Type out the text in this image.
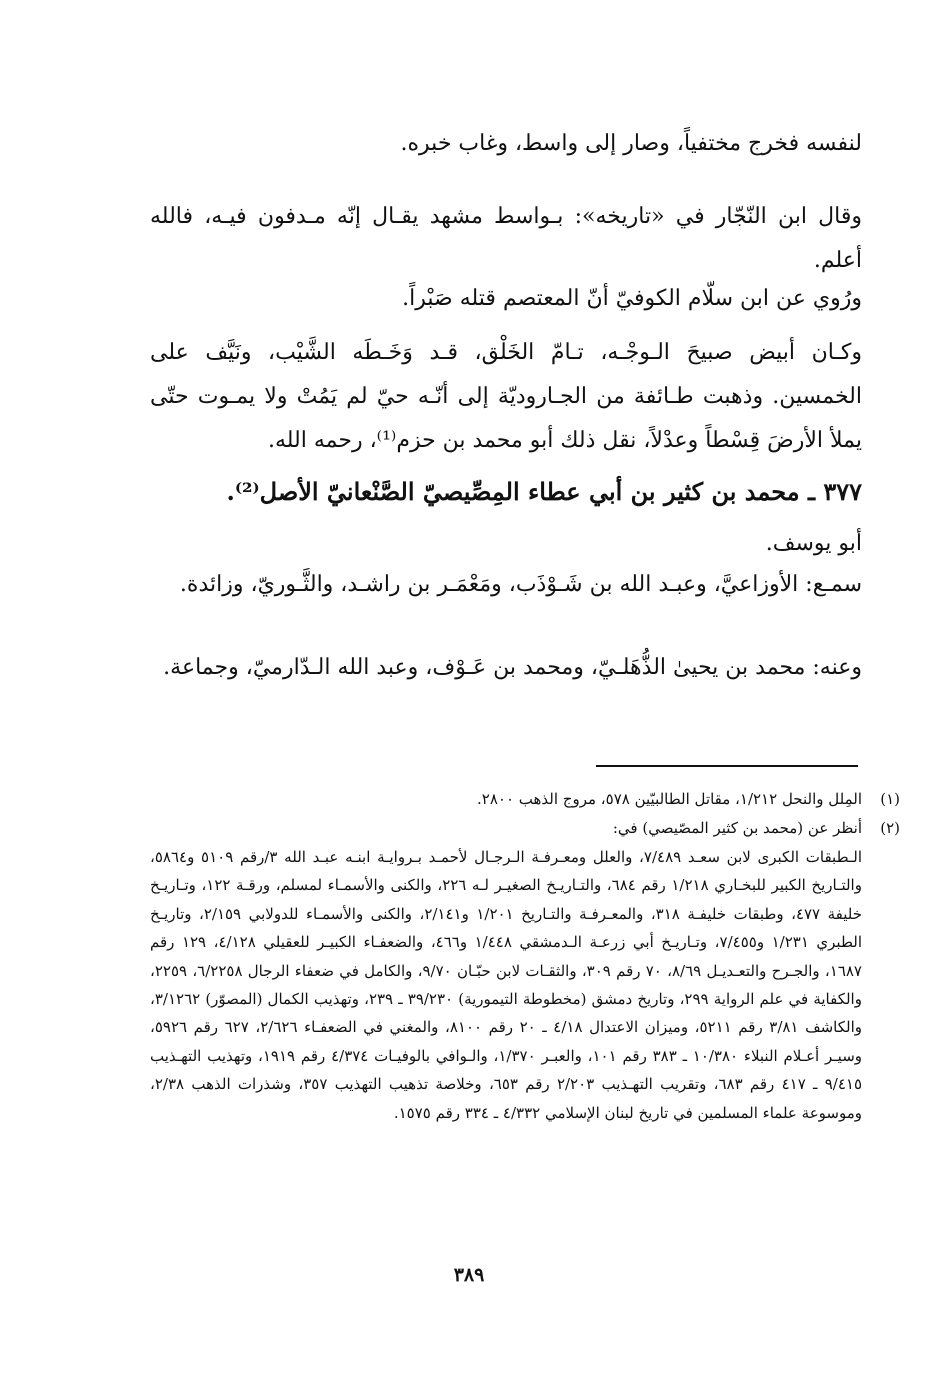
لنفسه فخرج مختفياً، وصار إلى واسط، وغاب خبره.
وقال ابن النّجّار في «تاريخه»: بـواسط مشهد يقـال إنّه مـدفون فيـه، فالله أعلم.
ورُوي عن ابن سلّام الكوفيّ أنّ المعتصم قتله صَبْراً.
وكـان أبيض صبيحَ الـوجْـه، تـامّ الخَلْق، قـد وَخَـطَه الشَّيْب، ونَيَّف على الخمسين. وذهبت طـائفة من الجـاروديّة إلى أنّـه حيّ لم يَمُتْ ولا يمـوت حتّى يملأ الأرضَ قِسْطاً وعدْلاً، نقل ذلك أبو محمد بن حزم⁽¹⁾، رحمه الله.
٣٧٧ ـ محمد بن كثير بن أبي عطاء المِصِّيصيّ الصَّنْعانيّ الأصل⁽²⁾.
أبو يوسف.
سمـع: الأوزاعيَّ، وعبـد الله بن شَـوْذَب، ومَعْمَـر بن راشـد، والثَّـوريّ، وزائدة.
وعنه: محمد بن يحيىٰ الذُّهَلـيّ، ومحمد بن عَـوْف، وعبد الله الـدّارميّ، وجماعة.
(١)المِلل والنحل ١/٢١٢، مقاتل الطالبيّين ٥٧٨، مروج الذهب ٢٨٠٠.
(٢)أنظر عن (محمد بن كثير المصّيصي) في:
الـطبقات الكبرى لابن سعـد ٧/٤٨٩، والعلل ومعـرفـة الـرجـال لأحمـد بـروايـة ابنـه عبـد الله ٣/رقم ٥١٠٩ و٥٨٦٤، والتـاريخ الكبير للبخـاري ١/٢١٨ رقم ٦٨٤، والتـاريـخ الصغيـر لـه ٢٢٦، والكنى والأسمـاء لمسلم، ورقـة ١٢٢، وتـاريـخ خليفة ٤٧٧، وطبقات خليفـة ٣١٨، والمعـرفـة والتـاريخ ١/٢٠١ و٢/١٤١، والكنى والأسمـاء للدولابي ٢/١٥٩، وتاريـخ الطبري ١/٢٣١ و٧/٤٥٥، وتـاريـخ أبي زرعـة الـدمشقي ١/٤٤٨ و٤٦٦، والضعفـاء الكبيـر للعقيلي ٤/١٢٨، ١٢٩ رقم ١٦٨٧، والجـرح والتعـديـل ٨/٦٩، ٧٠ رقم ٣٠٩، والثقـات لابن حبّـان ٩/٧٠، والكامل في ضعفاء الرجال ٦/٢٢٥٨، ٢٢٥٩، والكفاية في علم الرواية ٢٩٩، وتاريخ دمشق (مخطوطة التيمورية) ٣٩/٢٣٠ ـ ٢٣٩، وتهذيب الكمال (المصوّر) ٣/١٢٦٢، والكاشف ٣/٨١ رقم ٥٢١١، وميزان الاعتدال ٤/١٨ ـ ٢٠ رقم ٨١٠٠، والمغني في الضعفـاء ٢/٦٢٦، ٦٢٧ رقم ٥٩٢٦، وسيـر أعـلام النبلاء ١٠/٣٨٠ ـ ٣٨٣ رقم ١٠١، والعبـر ١/٣٧٠، والـوافي بالوفيـات ٤/٣٧٤ رقم ١٩١٩، وتهذيب التهـذيب ٩/٤١٥ ـ ٤١٧ رقم ٦٨٣، وتقريب التهـذيب ٢/٢٠٣ رقم ٦٥٣، وخلاصة تذهيب التهذيب ٣٥٧، وشذرات الذهب ٢/٣٨، وموسوعة علماء المسلمين في تاريخ لبنان الإسلامي ٤/٣٣٢ ـ ٣٣٤ رقم ١٥٧٥.
٣٨٩
